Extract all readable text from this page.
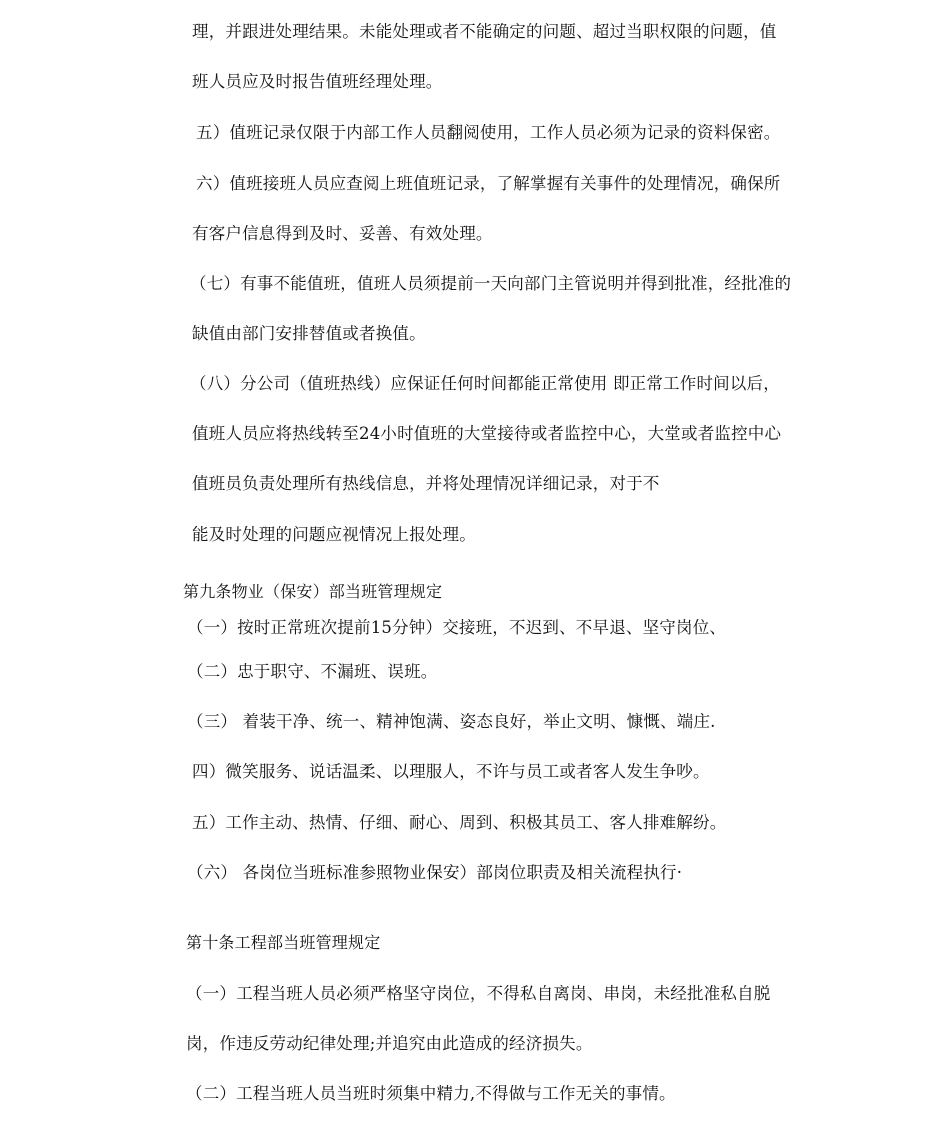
理，并跟进处理结果。未能处理或者不能确定的问题、超过当职权限的问题，值
班人员应及时报告值班经理处理。
五）值班记录仅限于内部工作人员翻阅使用，工作人员必须为记录的资料保密。
六）值班接班人员应查阅上班值班记录，了解掌握有关事件的处理情况，确保所
有客户信息得到及时、妥善、有效处理。
（七）有事不能值班，值班人员须提前一天向部门主管说明并得到批准，经批准的
缺值由部门安排替值或者换值。
（八）分公司（值班热线）应保证任何时间都能正常使用 即正常工作时间以后，
值班人员应将热线转至24小时值班的大堂接待或者监控中心，大堂或者监控中心
值班员负责处理所有热线信息，并将处理情况详细记录，对于不
能及时处理的问题应视情况上报处理。
第九条物业（保安）部当班管理规定
（一）按时正常班次提前15分钟）交接班，不迟到、不早退、坚守岗位、
（二）忠于职守、不漏班、误班。
（三） 着装干净、统一、精神饱满、姿态良好，举止文明、慷慨、端庄.
四）微笑服务、说话温柔、以理服人，不许与员工或者客人发生争吵。
五）工作主动、热情、仔细、耐心、周到、积极其员工、客人排难解纷。
（六） 各岗位当班标准参照物业保安）部岗位职责及相关流程执行·
第十条工程部当班管理规定
（一）工程当班人员必须严格坚守岗位，不得私自离岗、串岗，未经批准私自脱
岗，作违反劳动纪律处理;并追究由此造成的经济损失。
（二）工程当班人员当班时须集中精力,不得做与工作无关的事情。
